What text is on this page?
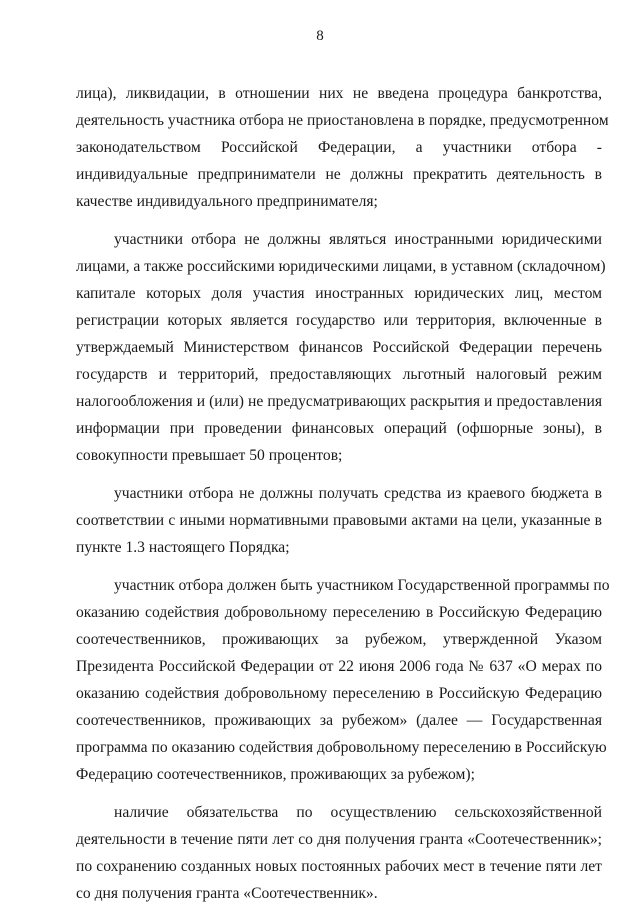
8
лица), ликвидации, в отношении них не введена процедура банкротства,
деятельность участника отбора не приостановлена в порядке, предусмотренном
законодательством Российской Федерации, а участники отбора -
индивидуальные предприниматели не должны прекратить деятельность в
качестве индивидуального предпринимателя;
участники отбора не должны являться иностранными юридическими
лицами, а также российскими юридическими лицами, в уставном (складочном)
капитале которых доля участия иностранных юридических лиц, местом
регистрации которых является государство или территория, включенные в
утверждаемый Министерством финансов Российской Федерации перечень
государств и территорий, предоставляющих льготный налоговый режим
налогообложения и (или) не предусматривающих раскрытия и предоставления
информации при проведении финансовых операций (офшорные зоны), в
совокупности превышает 50 процентов;
участники отбора не должны получать средства из краевого бюджета в
соответствии с иными нормативными правовыми актами на цели, указанные в
пункте 1.3 настоящего Порядка;
участник отбора должен быть участником Государственной программы по
оказанию содействия добровольному переселению в Российскую Федерацию
соотечественников, проживающих за рубежом, утвержденной Указом
Президента Российской Федерации от 22 июня 2006 года № 637 «О мерах по
оказанию содействия добровольному переселению в Российскую Федерацию
соотечественников, проживающих за рубежом» (далее — Государственная
программа по оказанию содействия добровольному переселению в Российскую
Федерацию соотечественников, проживающих за рубежом);
наличие обязательства по осуществлению сельскохозяйственной
деятельности в течение пяти лет со дня получения гранта «Соотечественник»;
по сохранению созданных новых постоянных рабочих мест в течение пяти лет
со дня получения гранта «Соотечественник».
